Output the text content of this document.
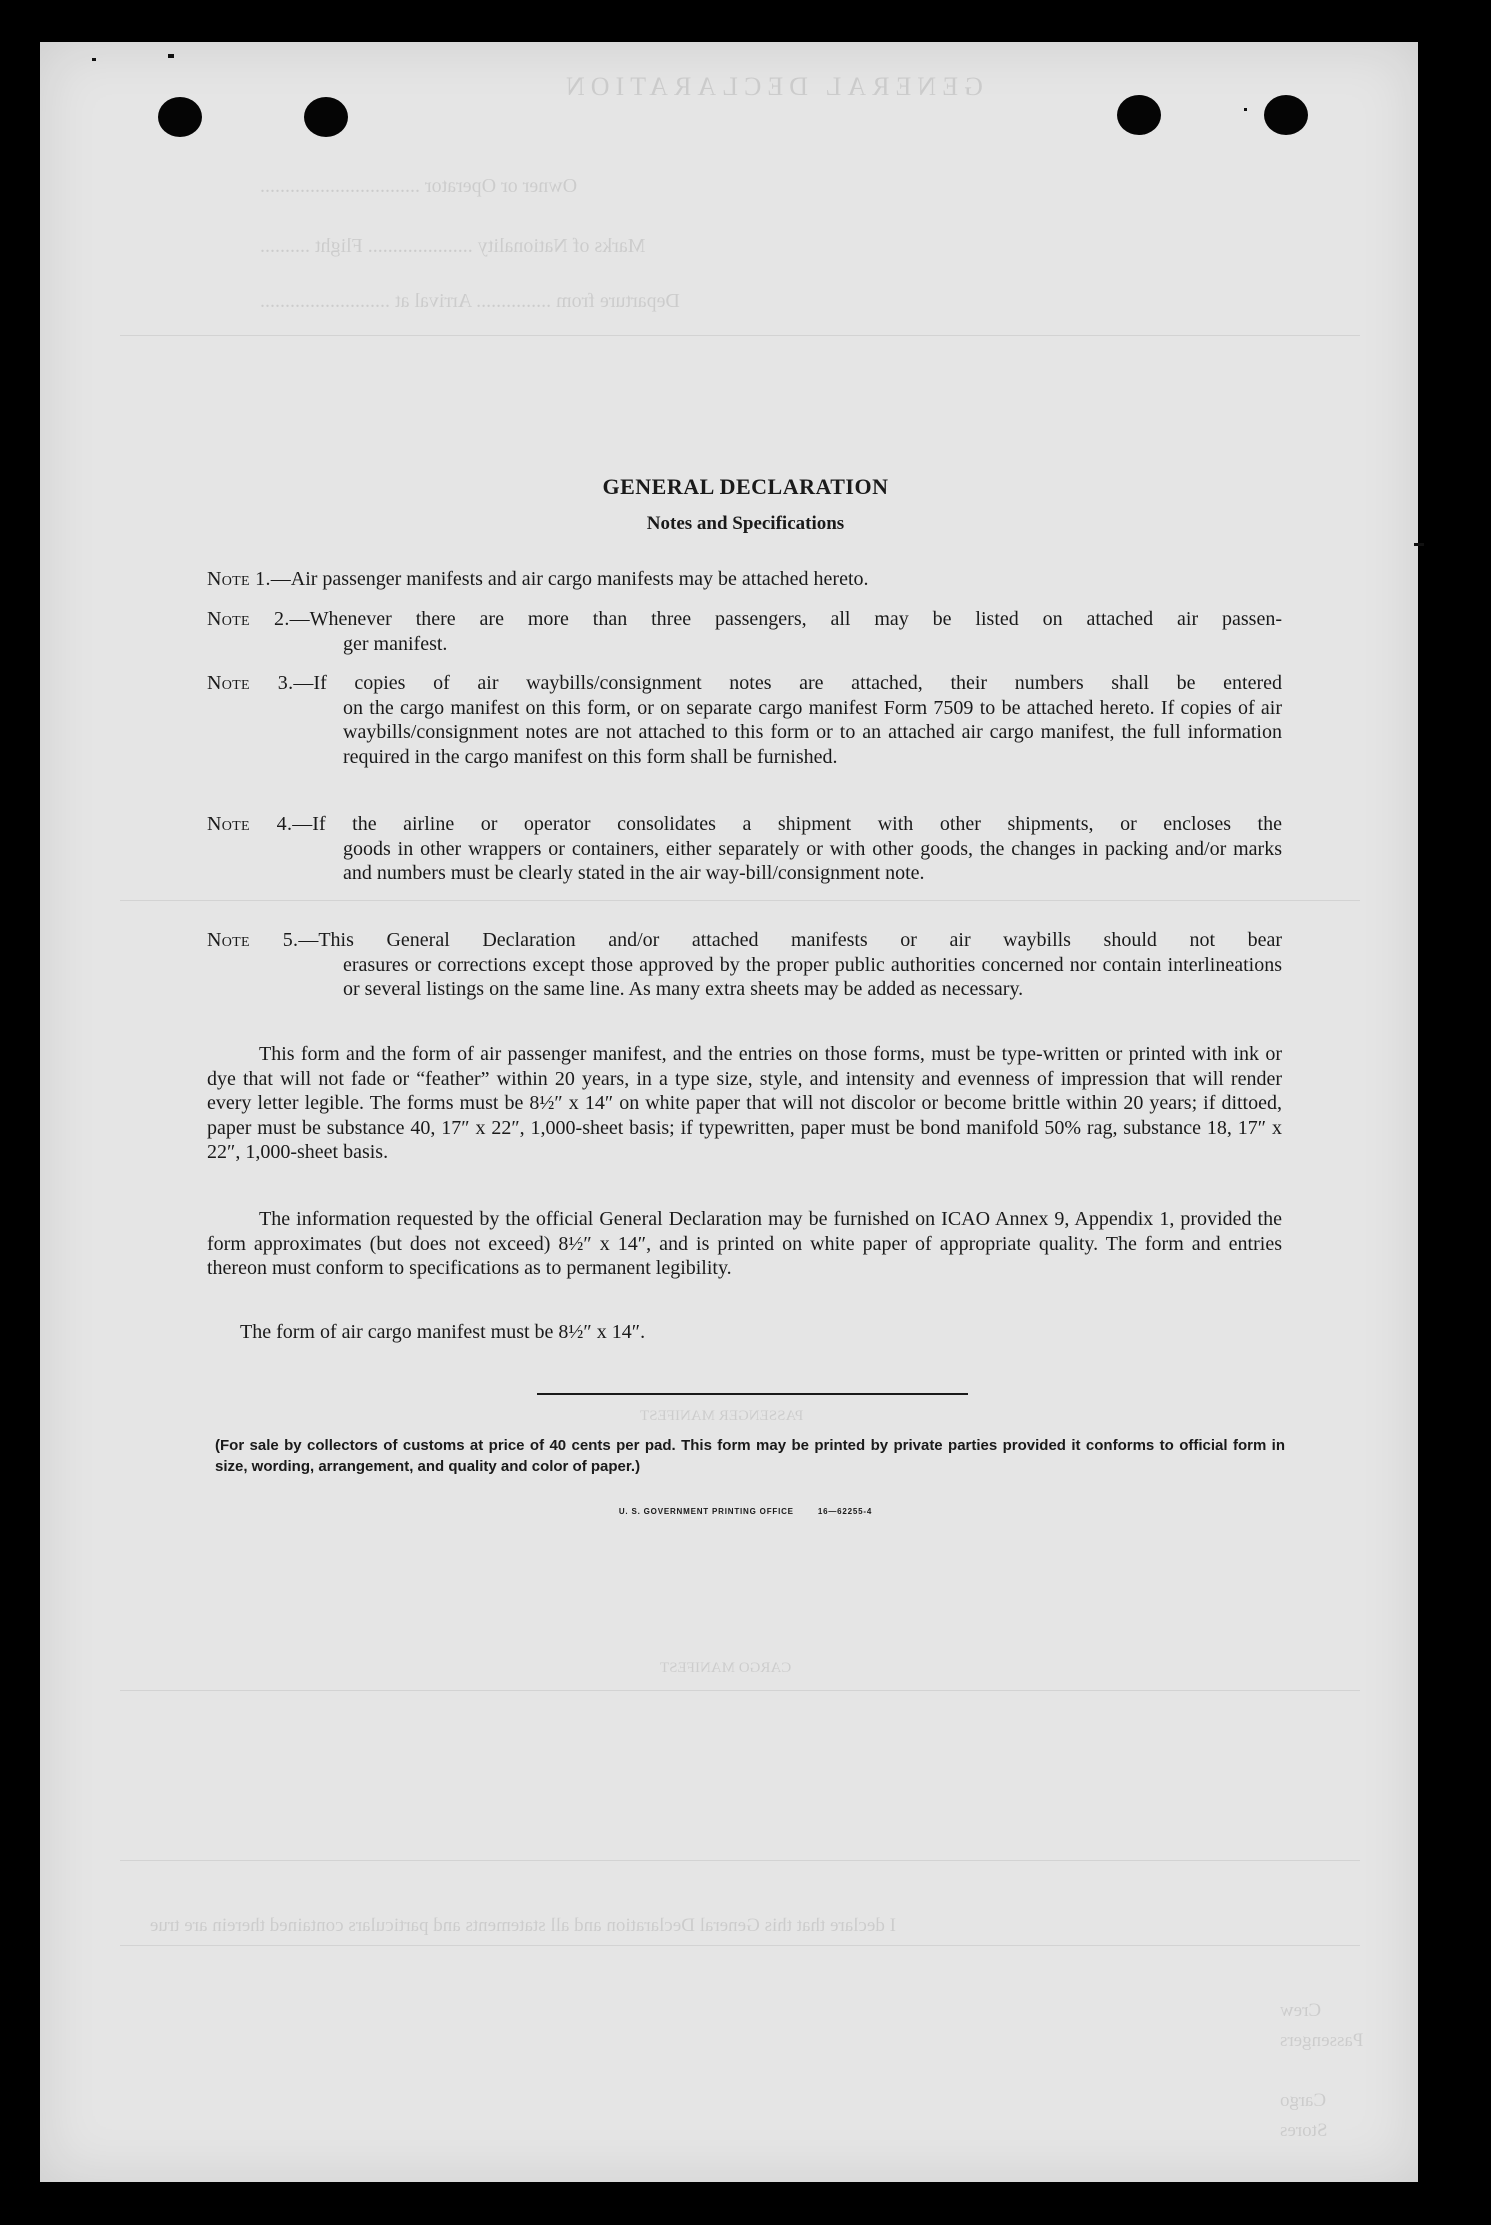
GENERAL DECLARATION
Owner or Operator ................................
Marks of Nationality ..................... Flight ..........
Departure from ............... Arrival at ..........................
PASSENGER MANIFEST
CARGO MANIFEST
I declare that this General Declaration and all statements and particulars contained therein are true
Crew
Passengers
Cargo
Stores
GENERAL DECLARATION
Notes and Specifications
Note 1.—Air passenger manifests and air cargo manifests may be attached hereto.
Note 2.—Whenever there are more than three passengers, all may be listed on attached air passen-
ger manifest.
Note 3.—If copies of air waybills/consignment notes are attached, their numbers shall be entered
on the cargo manifest on this form, or on separate cargo manifest Form 7509 to be attached hereto. If copies of air waybills/consignment notes are not attached to this form or to an attached air cargo manifest, the full information required in the cargo manifest on this form shall be furnished.
Note 4.—If the airline or operator consolidates a shipment with other shipments, or encloses the
goods in other wrappers or containers, either separately or with other goods, the changes in packing and/or marks and numbers must be clearly stated in the air way-bill/consignment note.
Note 5.—This General Declaration and/or attached manifests or air waybills should not bear
erasures or corrections except those approved by the proper public authorities concerned nor contain interlineations or several listings on the same line. As many extra sheets may be added as necessary.
This form and the form of air passenger manifest, and the entries on those forms, must be type-written or printed with ink or dye that will not fade or “feather” within 20 years, in a type size, style, and intensity and evenness of impression that will render every letter legible. The forms must be 8½″ x 14″ on white paper that will not discolor or become brittle within 20 years; if dittoed, paper must be substance 40, 17″ x 22″, 1,000-sheet basis; if typewritten, paper must be bond manifold 50% rag, substance 18, 17″ x 22″, 1,000-sheet basis.
The information requested by the official General Declaration may be furnished on ICAO Annex 9, Appendix 1, provided the form approximates (but does not exceed) 8½″ x 14″, and is printed on white paper of appropriate quality. The form and entries thereon must conform to specifications as to permanent legibility.
The form of air cargo manifest must be 8½″ x 14″.
(For sale by collectors of customs at price of 40 cents per pad. This form may be printed by private parties provided it conforms to official form in size, wording, arrangement, and quality and color of paper.)
U. S. GOVERNMENT PRINTING OFFICE	16—62255-4
